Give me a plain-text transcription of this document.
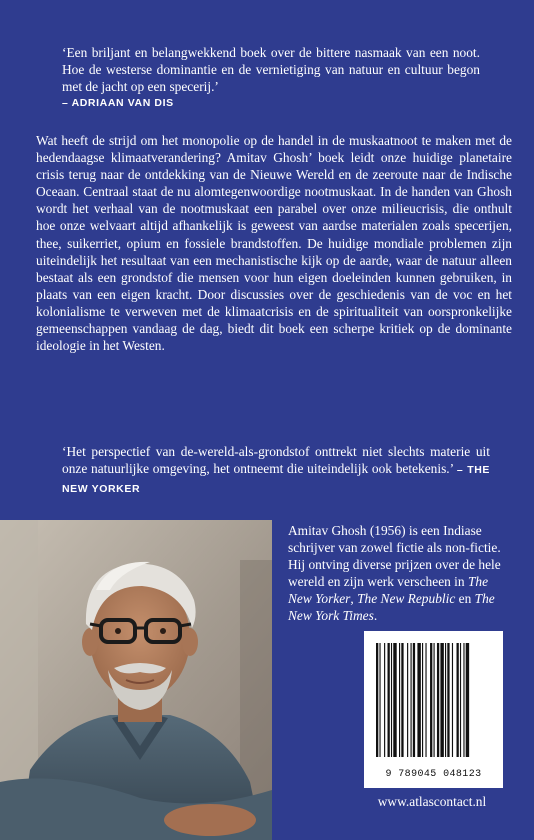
‘Een briljant en belangwekkend boek over de bittere nasmaak van een noot. Hoe de westerse dominantie en de vernietiging van natuur en cultuur begon met de jacht op een specerij.’
– ADRIAAN VAN DIS
Wat heeft de strijd om het monopolie op de handel in de muskaatnoot te maken met de hedendaagse klimaatverandering? Amitav Ghosh’ boek leidt onze huidige planetaire crisis terug naar de ontdekking van de Nieuwe Wereld en de zeeroute naar de Indische Oceaan. Centraal staat de nu alomtegenwoordige nootmuskaat. In de handen van Ghosh wordt het verhaal van de nootmuskaat een parabel over onze milieucrisis, die onthult hoe onze welvaart altijd afhankelijk is geweest van aardse materialen zoals specerijen, thee, suikerriet, opium en fossiele brandstoffen. De huidige mondiale problemen zijn uiteindelijk het resultaat van een mechanistische kijk op de aarde, waar de natuur alleen bestaat als een grondstof die mensen voor hun eigen doeleinden kunnen gebruiken, in plaats van een eigen kracht. Door discussies over de geschiedenis van de voc en het kolonialisme te verweven met de klimaatcrisis en de spiritualiteit van oorspronkelijke gemeenschappen vandaag de dag, biedt dit boek een scherpe kritiek op de dominante ideologie in het Westen.
‘Het perspectief van de-wereld-als-grondstof onttrekt niet slechts materie uit onze natuurlijke omgeving, het ontneemt die uiteindelijk ook betekenis.’ – THE NEW YORKER
Amitav Ghosh (1956) is een Indiase schrijver van zowel fictie als non-fictie. Hij ontving diverse prijzen over de hele wereld en zijn werk verscheen in The New Yorker, The New Republic en The New York Times.
9 789045 048123
www.atlascontact.nl
